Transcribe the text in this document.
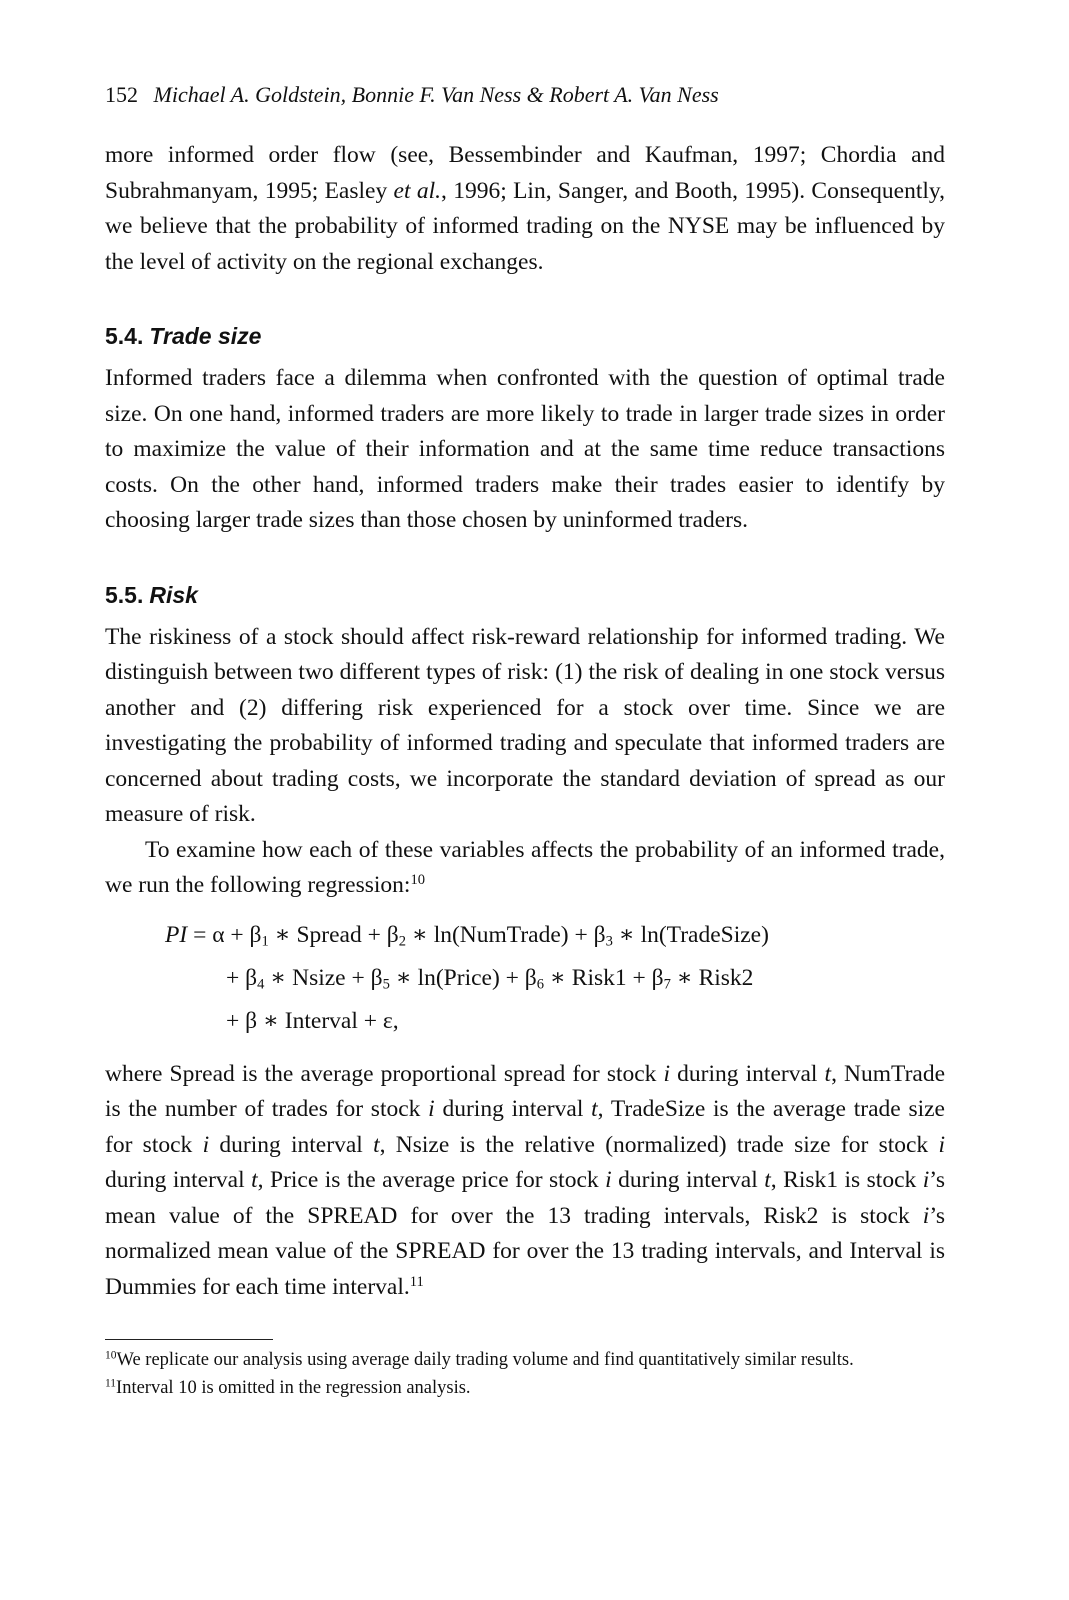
152 Michael A. Goldstein, Bonnie F. Van Ness & Robert A. Van Ness

more informed order flow (see, Bessembinder and Kaufman, 1997; Chordia and Subrahmanyam, 1995; Easley et al., 1996; Lin, Sanger, and Booth, 1995). Consequently, we believe that the probability of informed trading on the NYSE may be influenced by the level of activity on the regional exchanges.

5.4. Trade size

Informed traders face a dilemma when confronted with the question of optimal trade size. On one hand, informed traders are more likely to trade in larger trade sizes in order to maximize the value of their information and at the same time reduce transactions costs. On the other hand, informed traders make their trades easier to identify by choosing larger trade sizes than those chosen by uninformed traders.

5.5. Risk

The riskiness of a stock should affect risk-reward relationship for informed trading. We distinguish between two different types of risk: (1) the risk of dealing in one stock versus another and (2) differing risk experienced for a stock over time. Since we are investigating the probability of informed trading and speculate that informed traders are concerned about trading costs, we incorporate the standard deviation of spread as our measure of risk.

To examine how each of these variables affects the probability of an informed trade, we run the following regression:$^{10}$

PI = $\alpha + \beta_1$ ∗ Spread + $\beta_2$ ∗ ln(NumTrade) + $\beta_3$ ∗ ln(TradeSize)
+ $\beta_4$ ∗ Nsize + $\beta_5$ ∗ ln(Price) + $\beta_6$ ∗ Risk1 + $\beta_7$ ∗ Risk2
+ β ∗ Interval + ε,

where Spread is the average proportional spread for stock i during interval t, NumTrade is the number of trades for stock i during interval t, TradeSize is the average trade size for stock i during interval t, Nsize is the relative (normalized) trade size for stock i during interval t, Price is the average price for stock i during interval t, Risk1 is stock i’s mean value of the SPREAD for over the 13 trading intervals, Risk2 is stock i’s normalized mean value of the SPREAD for over the 13 trading intervals, and Interval is Dummies for each time interval.$^{11}$

$^{10}$We replicate our analysis using average daily trading volume and find quantitatively similar results.

$^{11}$Interval 10 is omitted in the regression analysis.
